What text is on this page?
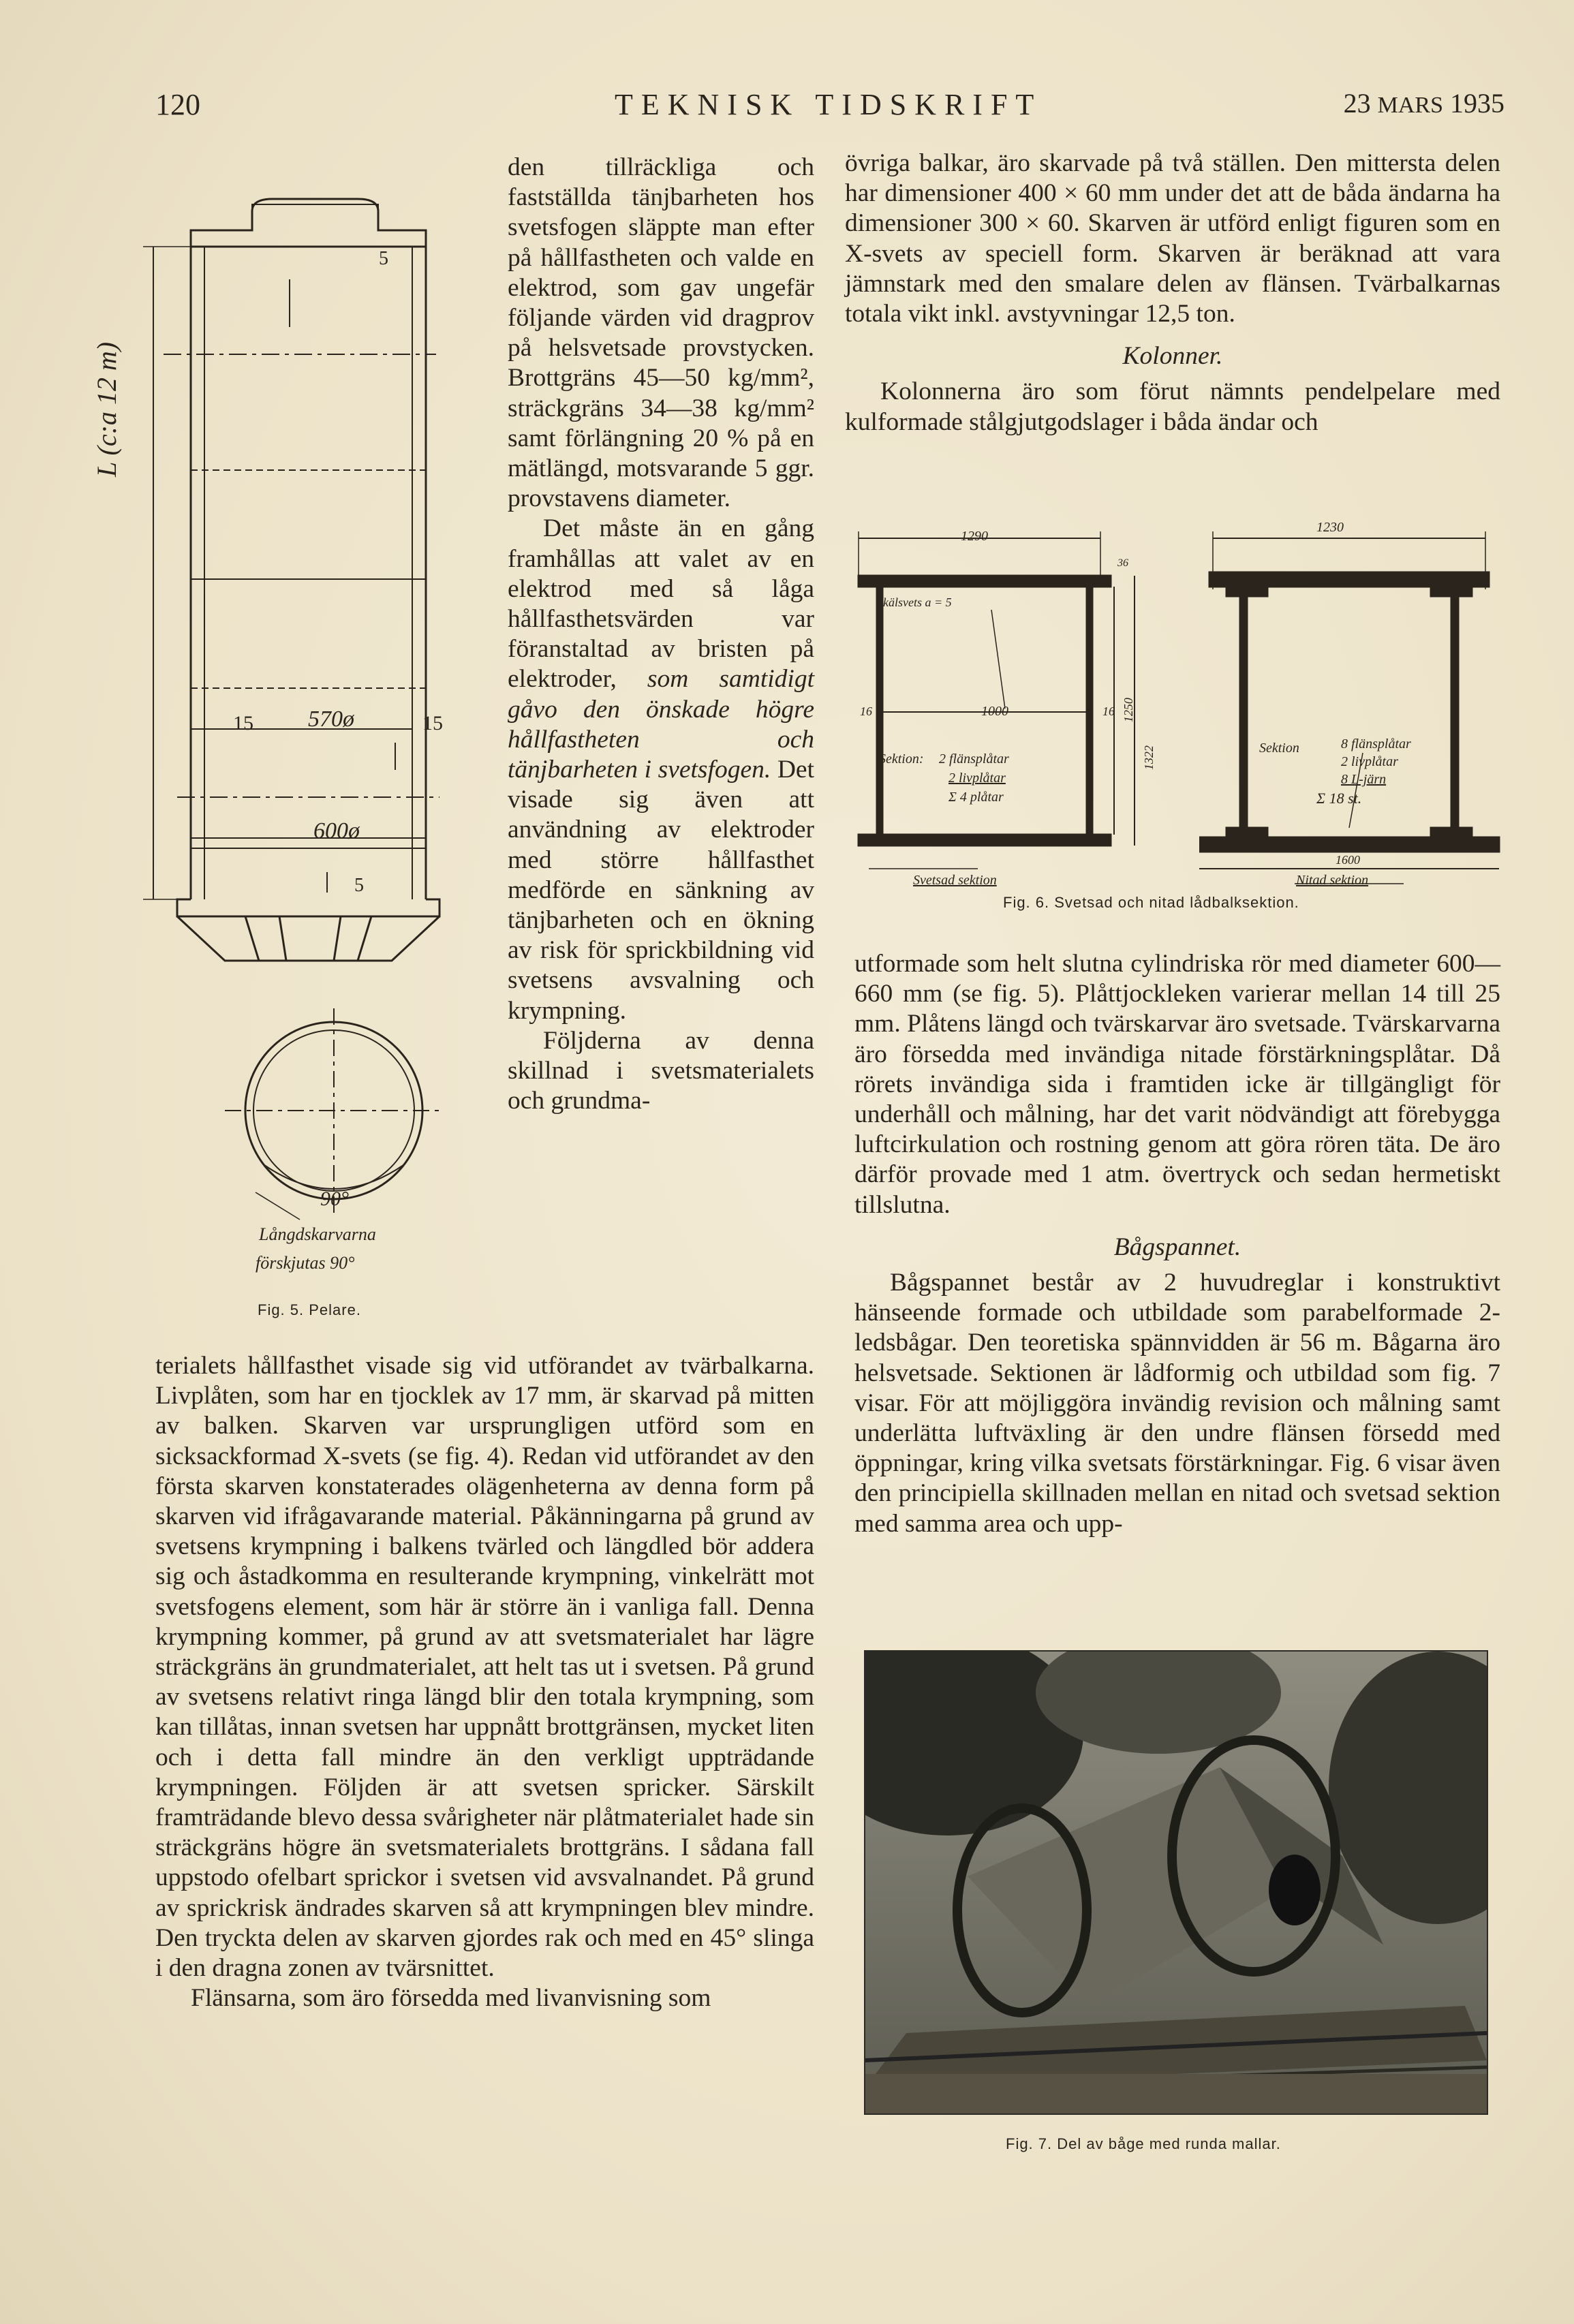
120	TEKNISK TIDSKRIFT	23 MARS 1935
L (c:a 12 m)
570ø
600ø
15	15
5
5
90°
Långdskarvarna
förskjutas 90°
Fig. 5. Pelare.

den tillräckliga och fastställda tänjbarheten hos svetsfogen släppte man efter på hållfastheten och valde en elektrod, som gav ungefär följande värden vid dragprov på helsvetsade provstycken. Brottgräns 45—50 kg/mm², sträckgräns 34—38 kg/mm² samt förlängning 20 % på en mätlängd, motsvarande 5 ggr. provstavens diameter.

Det måste än en gång framhållas att valet av en elektrod med så låga hållfasthetsvärden var föranstaltad av bristen på elektroder, som samtidigt gåvo den önskade högre hållfastheten och tänjbarheten i svetsfogen. Det visade sig även att användning av elektroder med större hållfasthet medförde en sänkning av tänjbarheten och en ökning av risk för sprickbildning vid svetsens avsvalning och krympning.

Följderna av denna skillnad i svetsmaterialets och grundma-

terialets hållfasthet visade sig vid utförandet av tvärbalkarna. Livplåten, som har en tjocklek av 17 mm, är skarvad på mitten av balken. Skarven var ursprungligen utförd som en sicksackformad X-svets (se fig. 4). Redan vid utförandet av den första skarven konstaterades olägenheterna av denna form på skarven vid ifrågavarande material. Påkänningarna på grund av svetsens krympning i balkens tvärled och längdled bör addera sig och åstadkomma en resulterande krympning, vinkelrätt mot svetsfogens element, som här är större än i vanliga fall. Denna krympning kommer, på grund av att svetsmaterialet har lägre sträckgräns än grundmaterialet, att helt tas ut i svetsen. På grund av svetsens relativt ringa längd blir den totala krympning, som kan tillåtas, innan svetsen har uppnått brottgränsen, mycket liten och i detta fall mindre än den verkligt uppträdande krympningen. Följden är att svetsen spricker. Särskilt framträdande blevo dessa svårigheter när plåtmaterialet hade sin sträckgräns högre än svetsmaterialets brottgräns. I sådana fall uppstodo ofelbart sprickor i svetsen vid avsvalnandet. På grund av sprickrisk ändrades skarven så att krympningen blev mindre. Den tryckta delen av skarven gjordes rak och med en 45° slinga i den dragna zonen av tvärsnittet.

Flänsarna, som äro försedda med livanvisning som

övriga balkar, äro skarvade på två ställen. Den mittersta delen har dimensioner 400 × 60 mm under det att de båda ändarna ha dimensioner 300 × 60. Skarven är utförd enligt figuren som en X-svets av speciell form. Skarven är beräknad att vara jämnstark med den smalare delen av flänsen. Tvärbalkarnas totala vikt inkl. avstyvningar 12,5 ton.

Kolonner.

Kolonnerna äro som förut nämnts pendelpelare med kulformade stålgjutgodslager i båda ändar och

1290
1000	1250
1322
16	16
36
kälsvets a = 5
Sektion: 2 flänsplåtar
2 livplåtar
Σ 4 plåtar
Svetsad sektion
1230
1600
Sektion	8 flänsplåtar
2 livplåtar
8 L-järn
Σ 18 st.
Nitad sektion
Fig. 6. Svetsad och nitad lådbalksektion.

utformade som helt slutna cylindriska rör med diameter 600—660 mm (se fig. 5). Plåttjockleken varierar mellan 14 till 25 mm. Plåtens längd och tvärskarvar äro svetsade. Tvärskarvarna äro försedda med invändiga nitade förstärkningsplåtar. Då rörets invändiga sida i framtiden icke är tillgängligt för underhåll och målning, har det varit nödvändigt att förebygga luftcirkulation och rostning genom att göra rören täta. De äro därför provade med 1 atm. övertryck och sedan hermetiskt tillslutna.

Bågspannet.

Bågspannet består av 2 huvudreglar i konstruktivt hänseende formade och utbildade som parabelformade 2-ledsbågar. Den teoretiska spännvidden är 56 m. Bågarna äro helsvetsade. Sektionen är lådformig och utbildad som fig. 7 visar. För att möjliggöra invändig revision och målning samt underlätta luftväxling är den undre flänsen försedd med öppningar, kring vilka svetsats förstärkningar. Fig. 6 visar även den principiella skillnaden mellan en nitad och svetsad sektion med samma area och upp-

Fig. 7. Del av båge med runda mallar.
